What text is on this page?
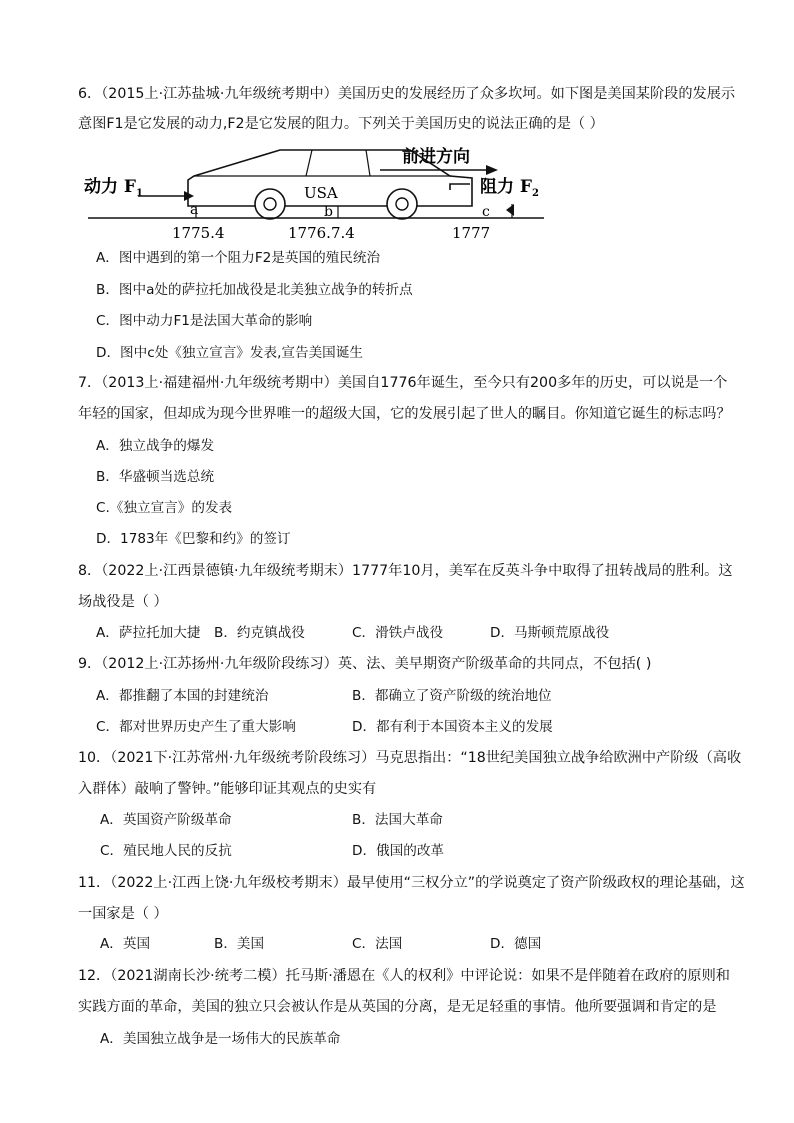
6．（2015上·江苏盐城·九年级统考期中）美国历史的发展经历了众多坎坷。如下图是美国某阶段的发展示
意图F1是它发展的动力,F2是它发展的阻力。下列关于美国历史的说法正确的是（ ）
前进方向
USA
动力 $F_1$	阻力 $F_2$
a	b	c
1775.4	1776.7.4	1777
A．图中遇到的第一个阻力F2是英国的殖民统治
B．图中a处的萨拉托加战役是北美独立战争的转折点
C．图中动力F1是法国大革命的影响
D．图中c处《独立宣言》发表,宣告美国诞生
7．（2013上·福建福州·九年级统考期中）美国自1776年诞生，至今只有200多年的历史，可以说是一个
年轻的国家，但却成为现今世界唯一的超级大国，它的发展引起了世人的瞩目。你知道它诞生的标志吗？
A．独立战争的爆发
B．华盛顿当选总统
C.《独立宣言》的发表
D．1783年《巴黎和约》的签订
8．（2022上·江西景德镇·九年级统考期末）1777年10月，美军在反英斗争中取得了扭转战局的胜利。这
场战役是（ ）
A．萨拉托加大捷 B．约克镇战役	C．滑铁卢战役	D．马斯顿荒原战役
9．（2012上·江苏扬州·九年级阶段练习）英、法、美早期资产阶级革命的共同点，不包括( )
A．都推翻了本国的封建统治	B．都确立了资产阶级的统治地位
C．都对世界历史产生了重大影响	D．都有利于本国资本主义的发展
10．（2021下·江苏常州·九年级统考阶段练习）马克思指出：“18世纪美国独立战争给欧洲中产阶级（高收
入群体）敲响了警钟。”能够印证其观点的史实有
A．英国资产阶级革命	B．法国大革命
C．殖民地人民的反抗	D．俄国的改革
11．（2022上·江西上饶·九年级校考期末）最早使用“三权分立”的学说奠定了资产阶级政权的理论基础，这
一国家是（ ）
A．英国	B．美国	C．法国	D．德国
12．（2021湖南长沙·统考二模）托马斯·潘恩在《人的权利》中评论说：如果不是伴随着在政府的原则和
实践方面的革命，美国的独立只会被认作是从英国的分离，是无足轻重的事情。他所要强调和肯定的是
A．美国独立战争是一场伟大的民族革命
